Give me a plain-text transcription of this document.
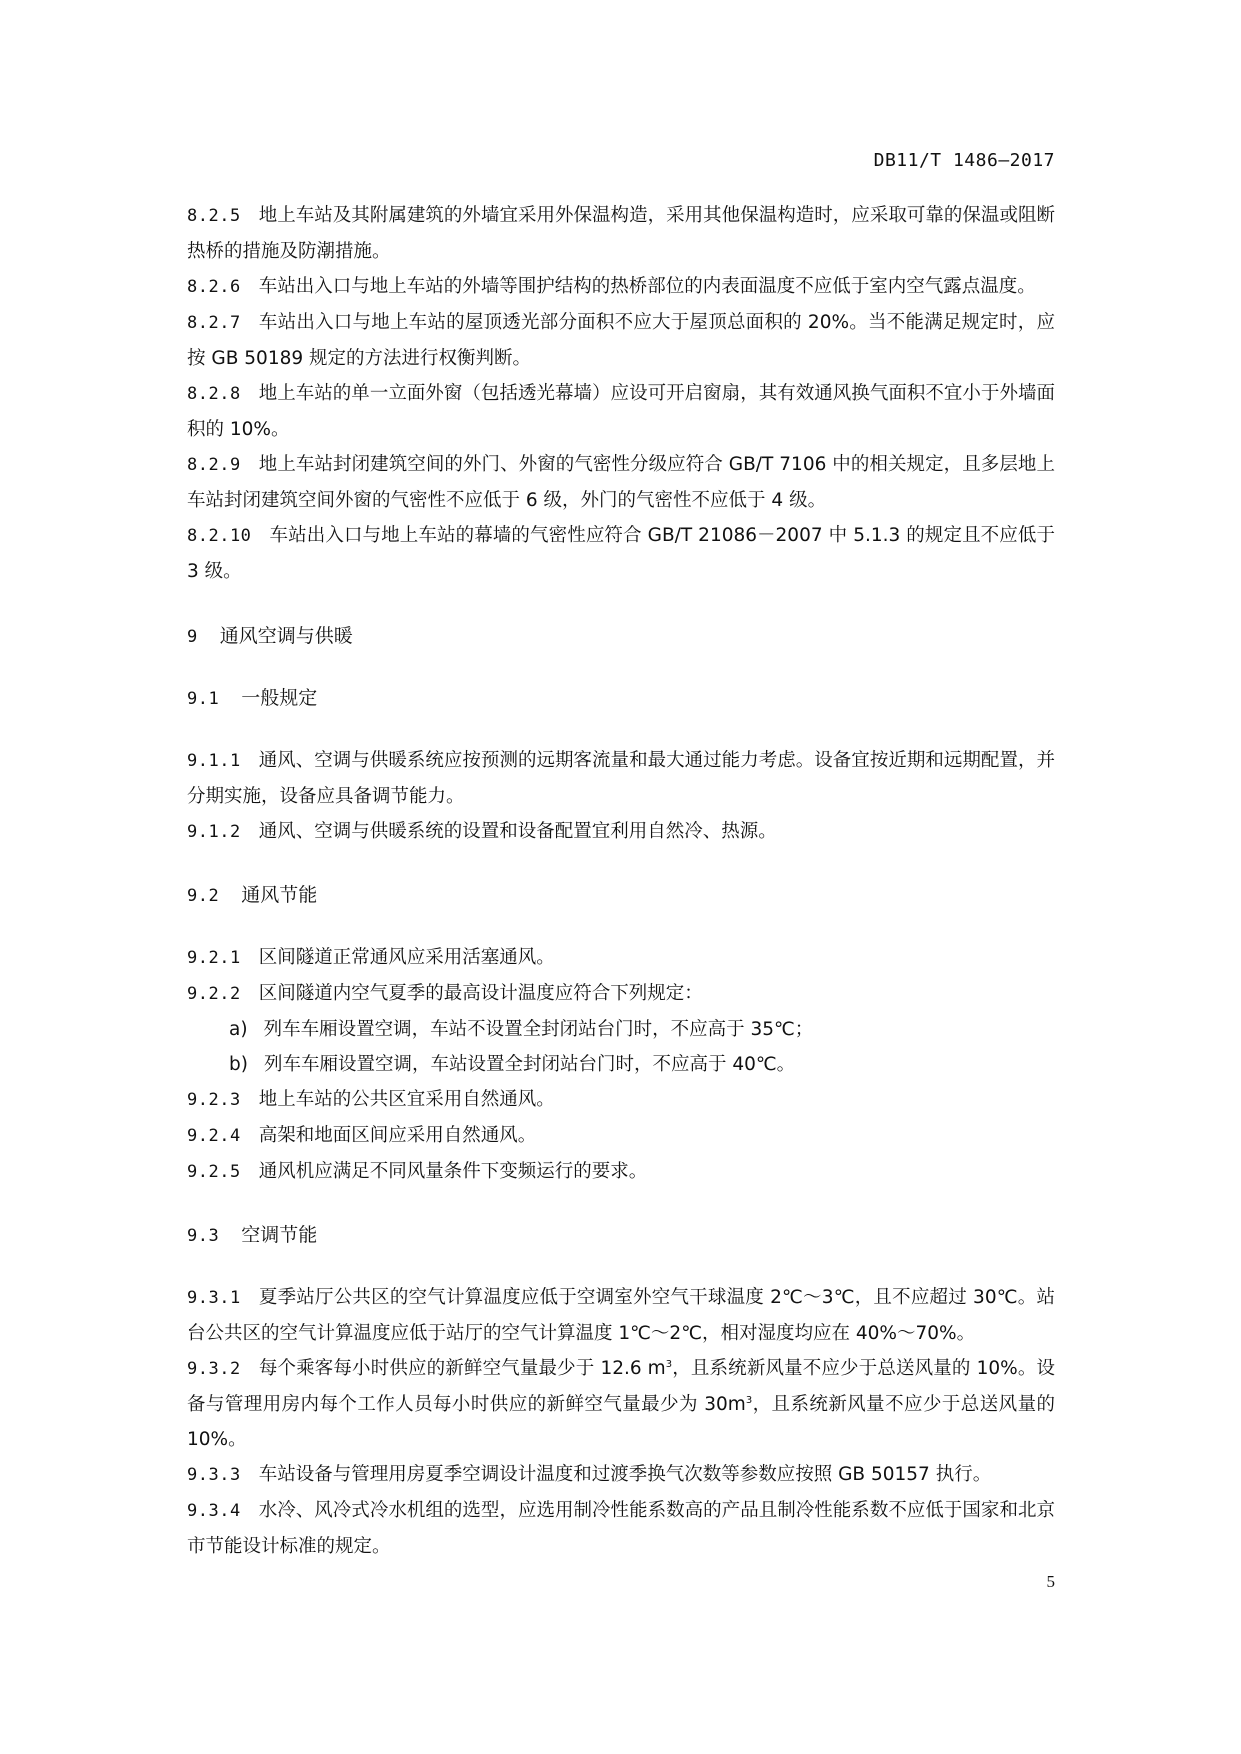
DB11/T 1486—2017

8.2.5 地上车站及其附属建筑的外墙宜采用外保温构造，采用其他保温构造时，应采取可靠的保温或阻断热桥的措施及防潮措施。

8.2.6 车站出入口与地上车站的外墙等围护结构的热桥部位的内表面温度不应低于室内空气露点温度。

8.2.7 车站出入口与地上车站的屋顶透光部分面积不应大于屋顶总面积的 20%。当不能满足规定时，应按 GB 50189 规定的方法进行权衡判断。

8.2.8 地上车站的单一立面外窗（包括透光幕墙）应设可开启窗扇，其有效通风换气面积不宜小于外墙面积的 10%。

8.2.9 地上车站封闭建筑空间的外门、外窗的气密性分级应符合 GB/T 7106 中的相关规定，且多层地上车站封闭建筑空间外窗的气密性不应低于 6 级，外门的气密性不应低于 4 级。

8.2.10 车站出入口与地上车站的幕墙的气密性应符合 GB/T 21086－2007 中 5.1.3 的规定且不应低于 3 级。

9 通风空调与供暖

9.1 一般规定

9.1.1 通风、空调与供暖系统应按预测的远期客流量和最大通过能力考虑。设备宜按近期和远期配置，并分期实施，设备应具备调节能力。

9.1.2 通风、空调与供暖系统的设置和设备配置宜利用自然冷、热源。

9.2 通风节能

9.2.1 区间隧道正常通风应采用活塞通风。

9.2.2 区间隧道内空气夏季的最高设计温度应符合下列规定：

a) 列车车厢设置空调，车站不设置全封闭站台门时，不应高于 35℃；

b) 列车车厢设置空调，车站设置全封闭站台门时，不应高于 40℃。

9.2.3 地上车站的公共区宜采用自然通风。

9.2.4 高架和地面区间应采用自然通风。

9.2.5 通风机应满足不同风量条件下变频运行的要求。

9.3 空调节能

9.3.1 夏季站厅公共区的空气计算温度应低于空调室外空气干球温度 2℃～3℃，且不应超过 30℃。站台公共区的空气计算温度应低于站厅的空气计算温度 1℃～2℃，相对湿度均应在 40%～70%。

9.3.2 每个乘客每小时供应的新鲜空气量最少于 12.6 $m^3$，且系统新风量不应少于总送风量的 10%。设备与管理用房内每个工作人员每小时供应的新鲜空气量最少为 $30m^3$，且系统新风量不应少于总送风量的 10%。

9.3.3 车站设备与管理用房夏季空调设计温度和过渡季换气次数等参数应按照 GB 50157 执行。

9.3.4 水冷、风冷式冷水机组的选型，应选用制冷性能系数高的产品且制冷性能系数不应低于国家和北京市节能设计标准的规定。

5
